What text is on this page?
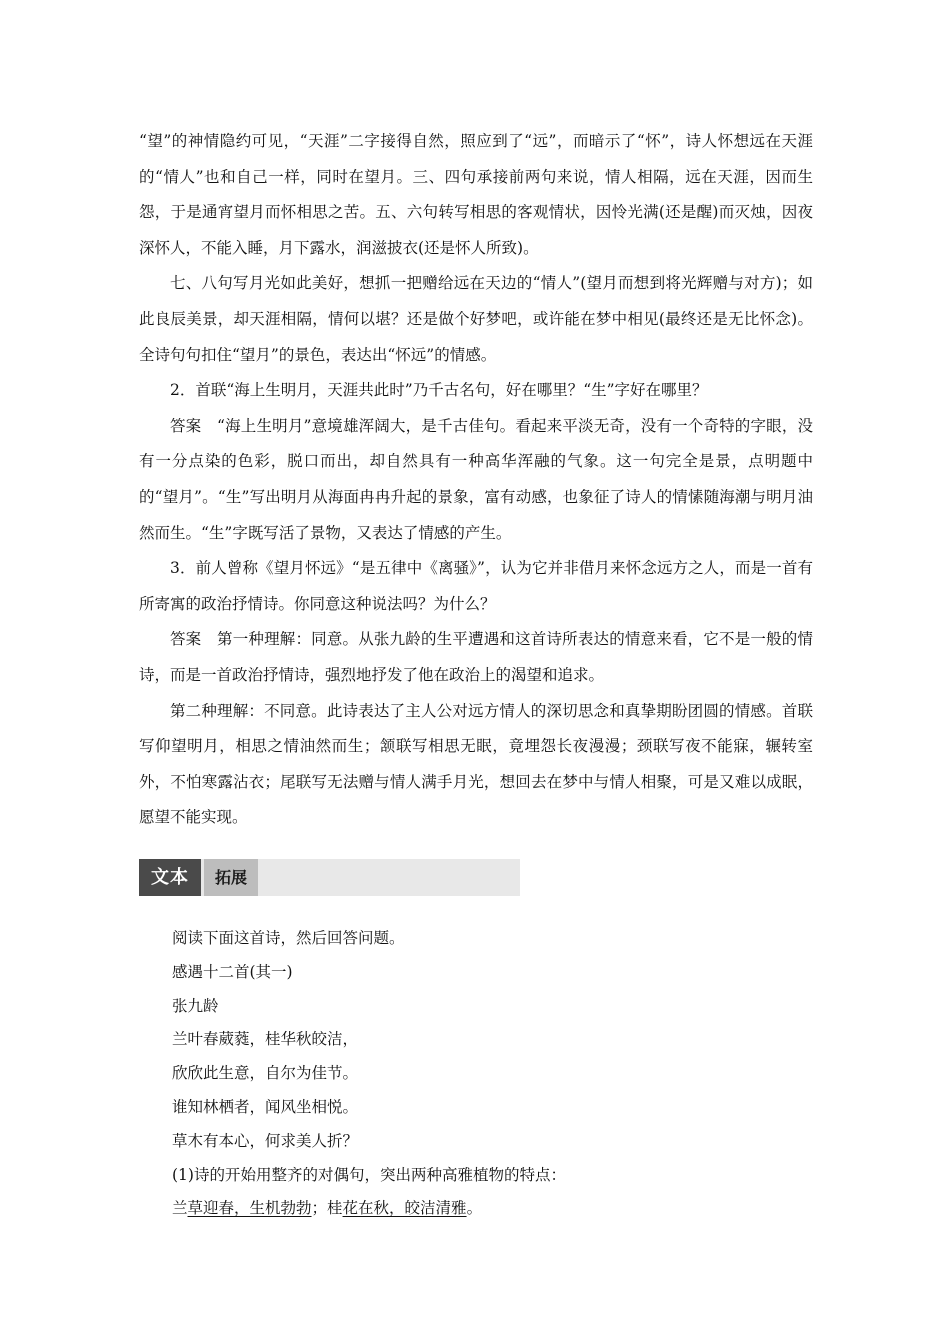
“望”的神情隐约可见，“天涯”二字接得自然，照应到了“远”，而暗示了“怀”，诗人怀想远在天涯的“情人”也和自己一样，同时在望月。三、四句承接前两句来说，情人相隔，远在天涯，因而生怨，于是通宵望月而怀相思之苦。五、六句转写相思的客观情状，因怜光满(还是醒)而灭烛，因夜深怀人，不能入睡，月下露水，润滋披衣(还是怀人所致)。

七、八句写月光如此美好，想抓一把赠给远在天边的“情人”(望月而想到将光辉赠与对方)；如此良辰美景，却天涯相隔，情何以堪？还是做个好梦吧，或许能在梦中相见(最终还是无比怀念)。全诗句句扣住“望月”的景色，表达出“怀远”的情感。

2．首联“海上生明月，天涯共此时”乃千古名句，好在哪里？“生”字好在哪里？

答案　“海上生明月”意境雄浑阔大，是千古佳句。看起来平淡无奇，没有一个奇特的字眼，没有一分点染的色彩，脱口而出，却自然具有一种高华浑融的气象。这一句完全是景，点明题中的“望月”。“生”写出明月从海面冉冉升起的景象，富有动感，也象征了诗人的情愫随海潮与明月油然而生。“生”字既写活了景物，又表达了情感的产生。

3．前人曾称《望月怀远》“是五律中《离骚》”，认为它并非借月来怀念远方之人，而是一首有所寄寓的政治抒情诗。你同意这种说法吗？为什么？

答案　第一种理解：同意。从张九龄的生平遭遇和这首诗所表达的情意来看，它不是一般的情诗，而是一首政治抒情诗，强烈地抒发了他在政治上的渴望和追求。

第二种理解：不同意。此诗表达了主人公对远方情人的深切思念和真挚期盼团圆的情感。首联写仰望明月，相思之情油然而生；颔联写相思无眠，竟埋怨长夜漫漫；颈联写夜不能寐，辗转室外，不怕寒露沾衣；尾联写无法赠与情人满手月光，想回去在梦中与情人相聚，可是又难以成眠，愿望不能实现。

文本	拓展

阅读下面这首诗，然后回答问题。

感遇十二首(其一)

张九龄

兰叶春葳蕤，桂华秋皎洁，

欣欣此生意，自尔为佳节。

谁知林栖者，闻风坐相悦。

草木有本心，何求美人折？

(1)诗的开始用整齐的对偶句，突出两种高雅植物的特点：

兰草迎春，生机勃勃；桂花在秋，皎洁清雅。
